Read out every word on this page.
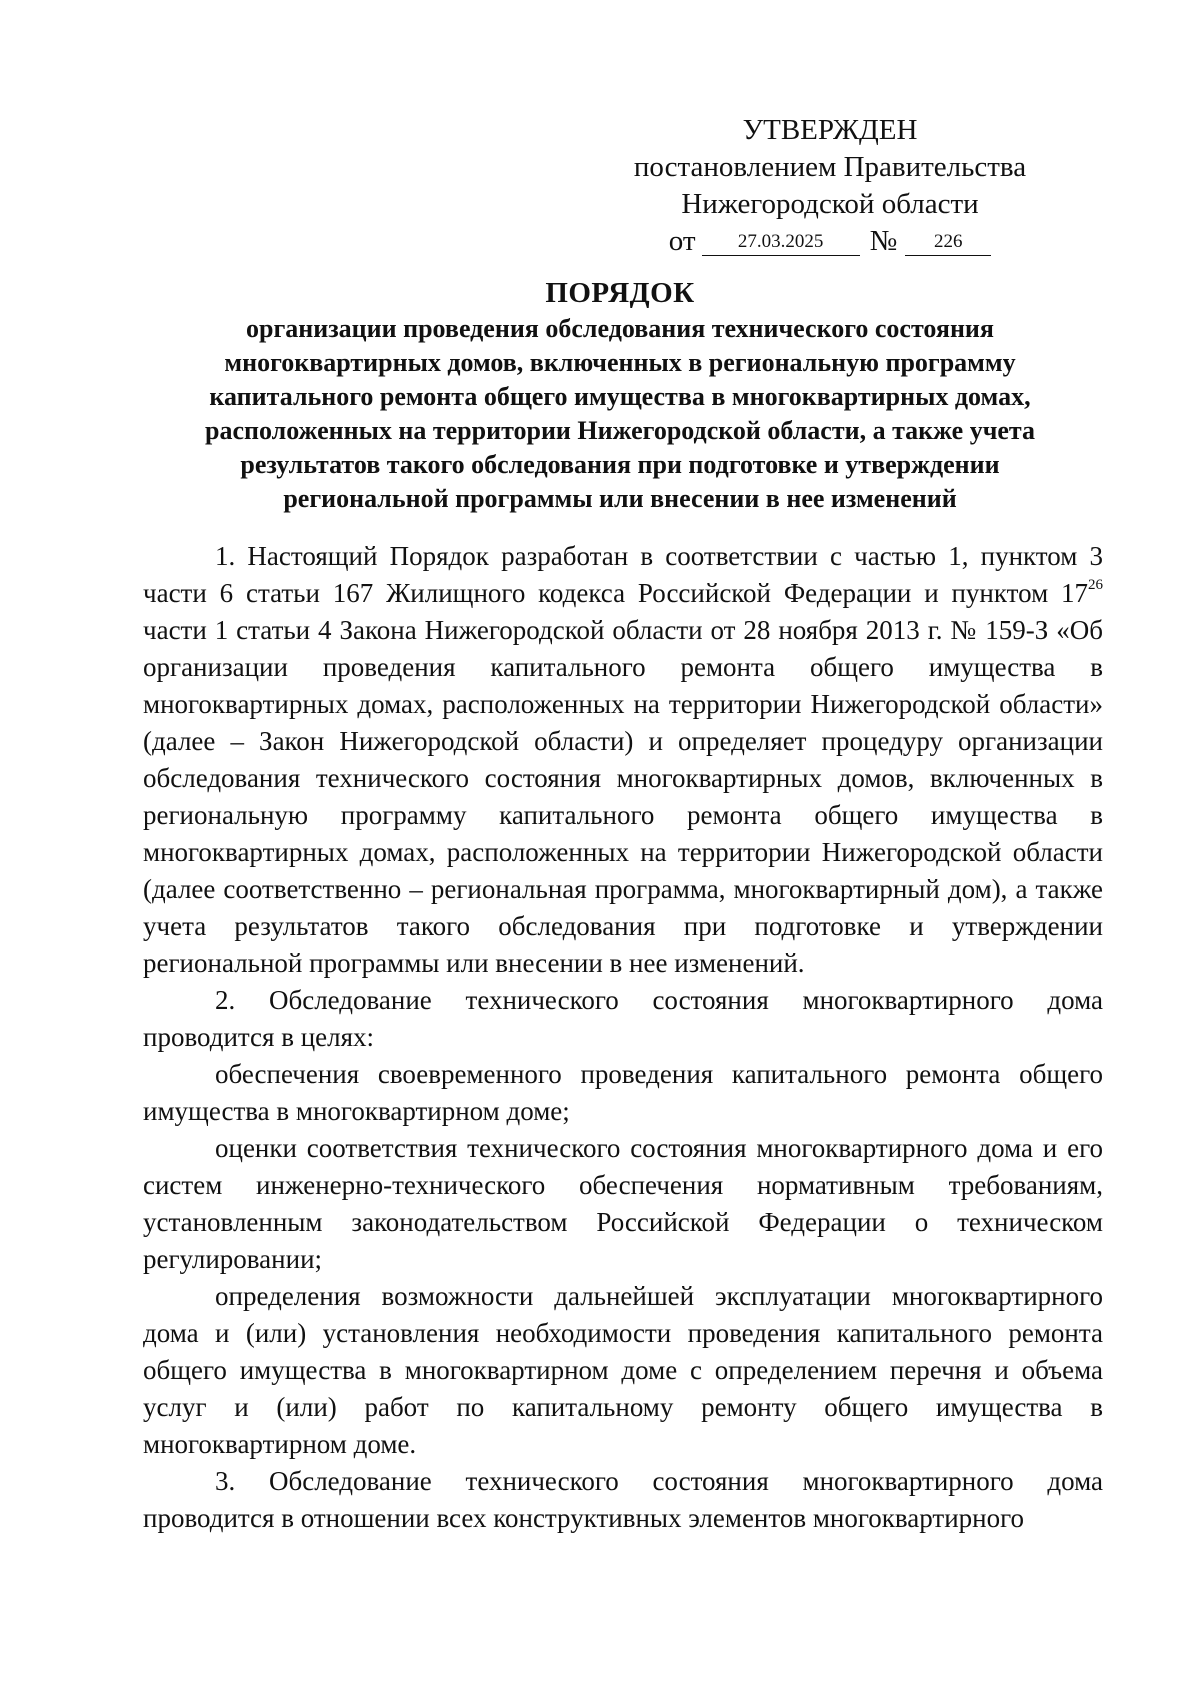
УТВЕРЖДЕН
постановлением Правительства
Нижегородской области
от	27.03.2025	№	226
ПОРЯДОК
организации проведения обследования технического состояния
многоквартирных домов, включенных в региональную программу
капитального ремонта общего имущества в многоквартирных домах,
расположенных на территории Нижегородской области, а также учета
результатов такого обследования при подготовке и утверждении
региональной программы или внесении в нее изменений

1. Настоящий Порядок разработан в соответствии с частью 1, пунктом 3 части 6 статьи 167 Жилищного кодекса Российской Федерации и пунктом $17^{26}$ части 1 статьи 4 Закона Нижегородской области от 28 ноября 2013 г. № 159-З «Об организации проведения капитального ремонта общего имущества в многоквартирных домах, расположенных на территории Нижегородской области» (далее – Закон Нижегородской области) и определяет процедуру организации обследования технического состояния многоквартирных домов, включенных в региональную программу капитального ремонта общего имущества в многоквартирных домах, расположенных на территории Нижегородской области (далее соответственно – региональная программа, многоквартирный дом), а также учета результатов такого обследования при подготовке и утверждении региональной программы или внесении в нее изменений.

2. Обследование технического состояния многоквартирного дома проводится в целях:

обеспечения своевременного проведения капитального ремонта общего имущества в многоквартирном доме;

оценки соответствия технического состояния многоквартирного дома и его систем инженерно-технического обеспечения нормативным требованиям, установленным законодательством Российской Федерации о техническом регулировании;

определения возможности дальнейшей эксплуатации многоквартирного дома и (или) установления необходимости проведения капитального ремонта общего имущества в многоквартирном доме с определением перечня и объема услуг и (или) работ по капитальному ремонту общего имущества в многоквартирном доме.

3. Обследование технического состояния многоквартирного дома проводится в отношении всех конструктивных элементов многоквартирного
